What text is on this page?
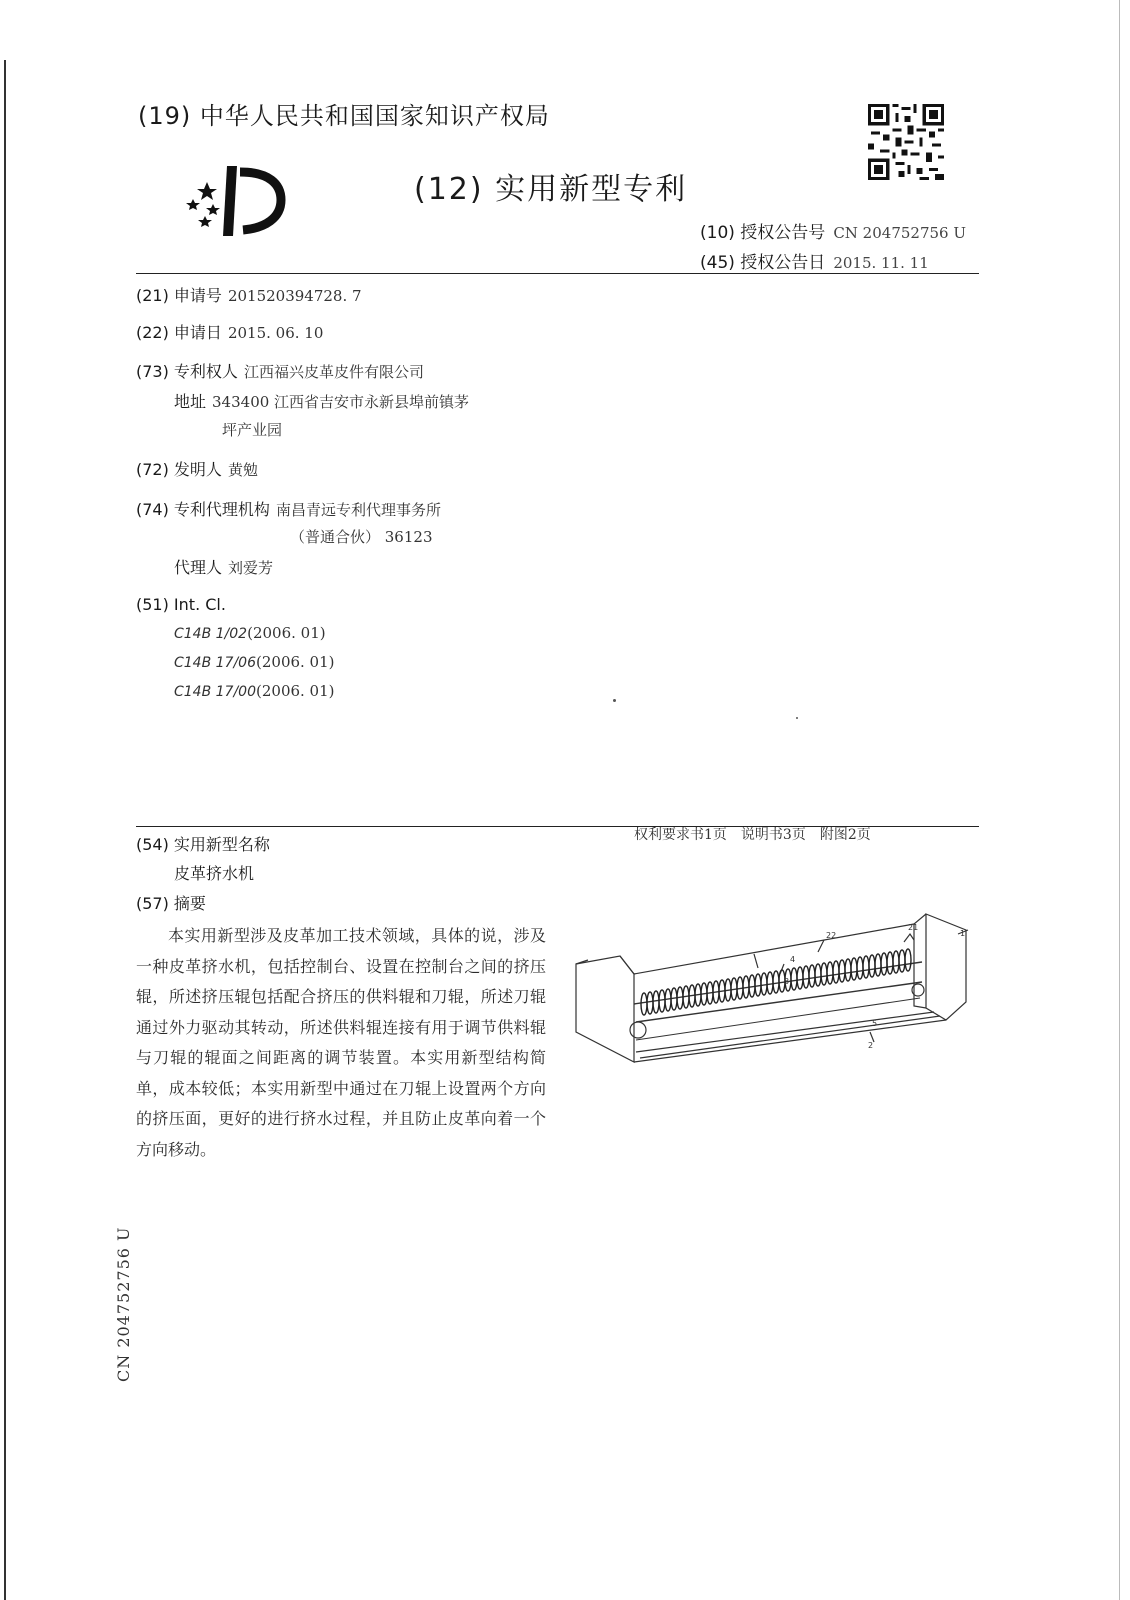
(19) 中华人民共和国国家知识产权局
(12) 实用新型专利
(10) 授权公告号 CN 204752756 U
(45) 授权公告日 2015. 11. 11
(21) 申请号 201520394728. 7
(22) 申请日 2015. 06. 10
(73) 专利权人 江西福兴皮革皮件有限公司
地址 343400 江西省吉安市永新县埠前镇茅
坪产业园
(72) 发明人 黄勉
(74) 专利代理机构 南昌青远专利代理事务所
（普通合伙） 36123
代理人 刘爱芳
(51) Int. Cl.
C14B 1/02(2006. 01)
C14B 17/06(2006. 01)
C14B 17/00(2006. 01)
权利要求书1页 说明书3页 附图2页
(54) 实用新型名称
皮革挤水机
(57) 摘要
本实用新型涉及皮革加工技术领域，具体的说，涉及一种皮革挤水机，包括控制台、设置在控制台之间的挤压辊，所述挤压辊包括配合挤压的供料辊和刀辊，所述刀辊通过外力驱动其转动，所述供料辊连接有用于调节供料辊与刀辊的辊面之间距离的调节装置。本实用新型结构简单，成本较低；本实用新型中通过在刀辊上设置两个方向的挤压面，更好的进行挤水过程，并且防止皮革向着一个方向移动。
22
21
1
4
3
5
2
CN 204752756 U
